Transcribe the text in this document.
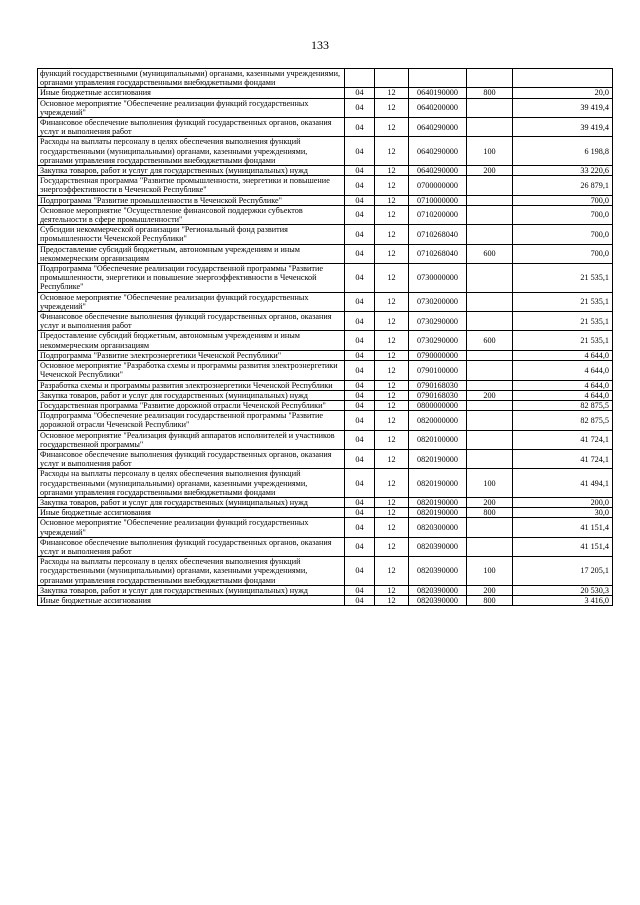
133
функций государственными (муниципальными) органами, казенными учреждениями, органами управления государственными внебюджетными фондами					
Иные бюджетные ассигнования	04	12	0640190000	800	20,0
Основное мероприятие "Обеспечение реализации функций государственных учреждений"	04	12	0640200000		39 419,4
Финансовое обеспечение выполнения функций государственных органов, оказания услуг и выполнения работ	04	12	0640290000		39 419,4
Расходы на выплаты персоналу в целях обеспечения выполнения функций государственными (муниципальными) органами, казенными учреждениями, органами управления государственными внебюджетными фондами	04	12	0640290000	100	6 198,8
Закупка товаров, работ и услуг для государственных (муниципальных) нужд	04	12	0640290000	200	33 220,6
Государственная программа "Развитие промышленности, энергетики и повышение энергоэффективности в Чеченской Республике"	04	12	0700000000		26 879,1
Подпрограмма "Развитие промышленности в Чеченской Республике"	04	12	0710000000		700,0
Основное мероприятие "Осуществление финансовой поддержки субъектов деятельности в сфере промышленности"	04	12	0710200000		700,0
Субсидии некоммерческой организации "Региональный фонд развития промышленности Чеченской Республики"	04	12	0710268040		700,0
Предоставление субсидий бюджетным, автономным учреждениям и иным некоммерческим организациям	04	12	0710268040	600	700,0
Подпрограмма "Обеспечение реализации государственной программы "Развитие промышленности, энергетики и повышение энергоэффективности в Чеченской Республике"	04	12	0730000000		21 535,1
Основное мероприятие "Обеспечение реализации функций государственных учреждений"	04	12	0730200000		21 535,1
Финансовое обеспечение выполнения функций государственных органов, оказания услуг и выполнения работ	04	12	0730290000		21 535,1
Предоставление субсидий бюджетным, автономным учреждениям и иным некоммерческим организациям	04	12	0730290000	600	21 535,1
Подпрограмма "Развитие электроэнергетики Чеченской Республики"	04	12	0790000000		4 644,0
Основное мероприятие "Разработка схемы и программы развития электроэнергетики Чеченской Республики"	04	12	0790100000		4 644,0
Разработка схемы и программы развития электроэнергетики Чеченской Республики	04	12	0790168030		4 644,0
Закупка товаров, работ и услуг для государственных (муниципальных) нужд	04	12	0790168030	200	4 644,0
Государственная программа "Развитие дорожной отрасли Чеченской Республики"	04	12	0800000000		82 875,5
Подпрограмма "Обеспечение реализации государственной программы "Развитие дорожной отрасли Чеченской Республики"	04	12	0820000000		82 875,5
Основное мероприятие "Реализация функций аппаратов исполнителей и участников государственной программы"	04	12	0820100000		41 724,1
Финансовое обеспечение выполнения функций государственных органов, оказания услуг и выполнения работ	04	12	0820190000		41 724,1
Расходы на выплаты персоналу в целях обеспечения выполнения функций государственными (муниципальными) органами, казенными учреждениями, органами управления государственными внебюджетными фондами	04	12	0820190000	100	41 494,1
Закупка товаров, работ и услуг для государственных (муниципальных) нужд	04	12	0820190000	200	200,0
Иные бюджетные ассигнования	04	12	0820190000	800	30,0
Основное мероприятие "Обеспечение реализации функций государственных учреждений"	04	12	0820300000		41 151,4
Финансовое обеспечение выполнения функций государственных органов, оказания услуг и выполнения работ	04	12	0820390000		41 151,4
Расходы на выплаты персоналу в целях обеспечения выполнения функций государственными (муниципальными) органами, казенными учреждениями, органами управления государственными внебюджетными фондами	04	12	0820390000	100	17 205,1
Закупка товаров, работ и услуг для государственных (муниципальных) нужд	04	12	0820390000	200	20 530,3
Иные бюджетные ассигнования	04	12	0820390000	800	3 416,0
